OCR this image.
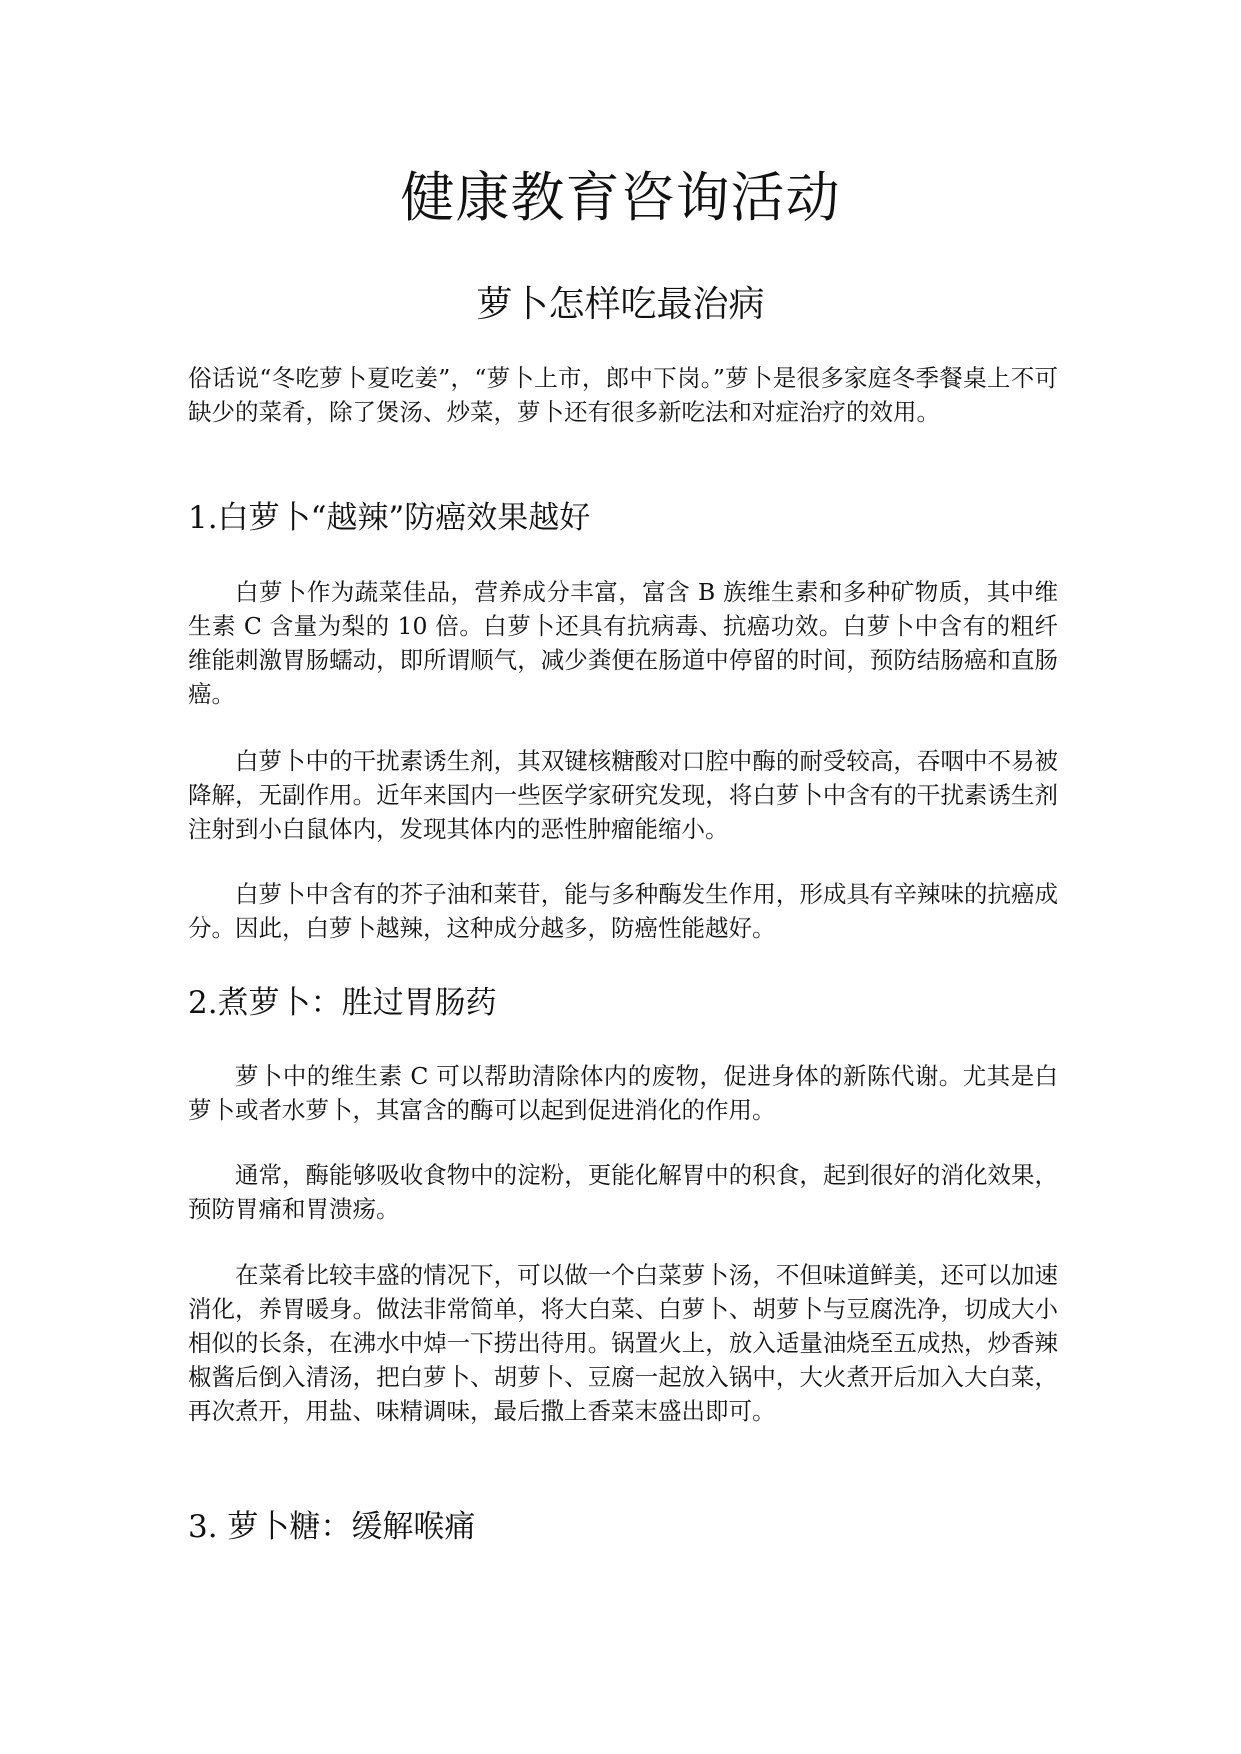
健康教育咨询活动
萝卜怎样吃最治病

俗话说“冬吃萝卜夏吃姜”，“萝卜上市，郎中下岗。”萝卜是很多家庭冬季餐桌上不可缺少的菜肴，除了煲汤、炒菜，萝卜还有很多新吃法和对症治疗的效用。

1.白萝卜“越辣”防癌效果越好

白萝卜作为蔬菜佳品，营养成分丰富，富含 B 族维生素和多种矿物质，其中维生素 C 含量为梨的 10 倍。白萝卜还具有抗病毒、抗癌功效。白萝卜中含有的粗纤维能刺激胃肠蠕动，即所谓顺气，减少粪便在肠道中停留的时间，预防结肠癌和直肠癌。

白萝卜中的干扰素诱生剂，其双键核糖酸对口腔中酶的耐受较高，吞咽中不易被降解，无副作用。近年来国内一些医学家研究发现，将白萝卜中含有的干扰素诱生剂注射到小白鼠体内，发现其体内的恶性肿瘤能缩小。

白萝卜中含有的芥子油和莱苷，能与多种酶发生作用，形成具有辛辣味的抗癌成分。因此，白萝卜越辣，这种成分越多，防癌性能越好。

2.煮萝卜：胜过胃肠药

萝卜中的维生素 C 可以帮助清除体内的废物，促进身体的新陈代谢。尤其是白萝卜或者水萝卜，其富含的酶可以起到促进消化的作用。

通常，酶能够吸收食物中的淀粉，更能化解胃中的积食，起到很好的消化效果，预防胃痛和胃溃疡。

在菜肴比较丰盛的情况下，可以做一个白菜萝卜汤，不但味道鲜美，还可以加速消化，养胃暖身。做法非常简单，将大白菜、白萝卜、胡萝卜与豆腐洗净，切成大小相似的长条，在沸水中焯一下捞出待用。锅置火上，放入适量油烧至五成热，炒香辣椒酱后倒入清汤，把白萝卜、胡萝卜、豆腐一起放入锅中，大火煮开后加入大白菜，再次煮开，用盐、味精调味，最后撒上香菜末盛出即可。

3. 萝卜糖：缓解喉痛
